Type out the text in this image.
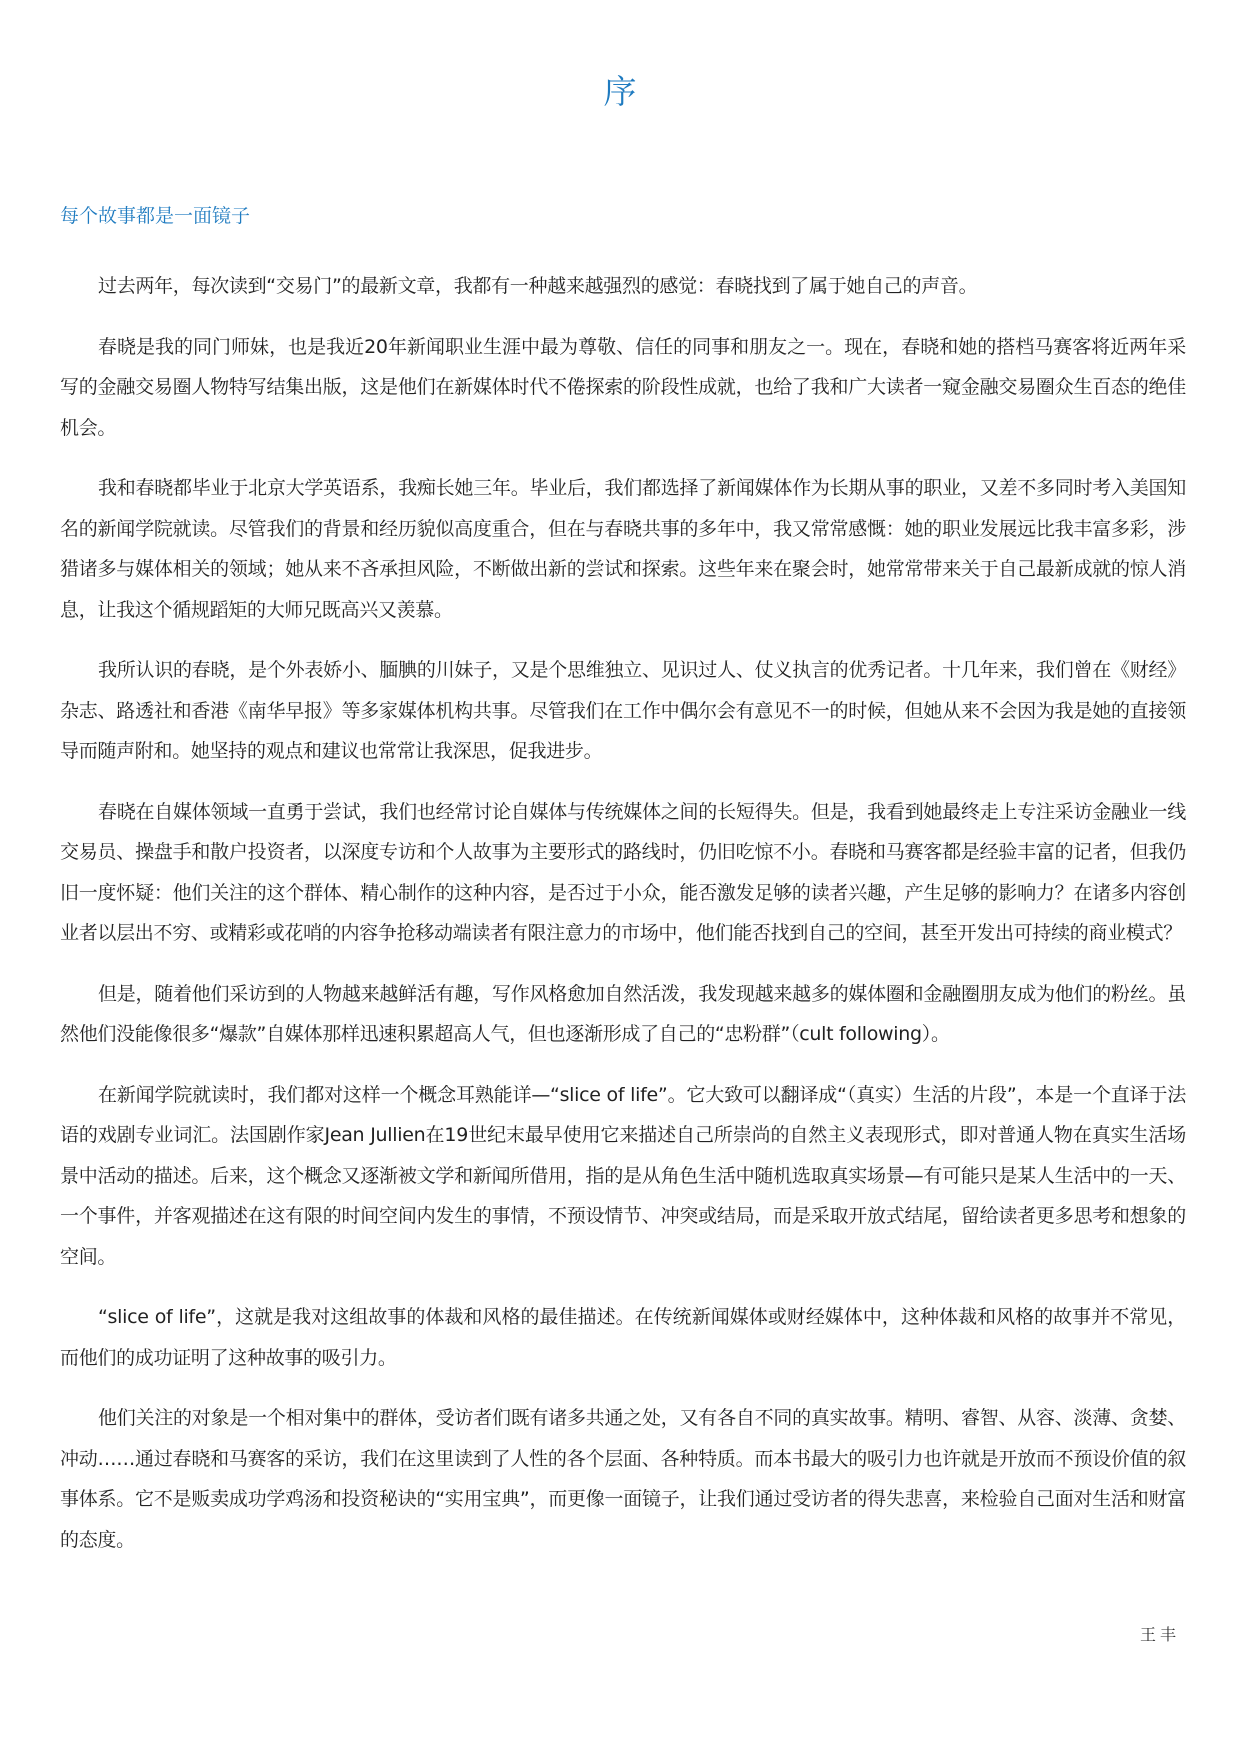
序
每个故事都是一面镜子

过去两年，每次读到“交易门”的最新文章，我都有一种越来越强烈的感觉：春晓找到了属于她自己的声音。

春晓是我的同门师妹，也是我近20年新闻职业生涯中最为尊敬、信任的同事和朋友之一。现在，春晓和她的搭档马赛客将近两年采写的金融交易圈人物特写结集出版，这是他们在新媒体时代不倦探索的阶段性成就，也给了我和广大读者一窥金融交易圈众生百态的绝佳机会。

我和春晓都毕业于北京大学英语系，我痴长她三年。毕业后，我们都选择了新闻媒体作为长期从事的职业，又差不多同时考入美国知名的新闻学院就读。尽管我们的背景和经历貌似高度重合，但在与春晓共事的多年中，我又常常感慨：她的职业发展远比我丰富多彩，涉猎诸多与媒体相关的领域；她从来不吝承担风险，不断做出新的尝试和探索。这些年来在聚会时，她常常带来关于自己最新成就的惊人消息，让我这个循规蹈矩的大师兄既高兴又羡慕。

我所认识的春晓，是个外表娇小、腼腆的川妹子，又是个思维独立、见识过人、仗义执言的优秀记者。十几年来，我们曾在《财经》杂志、路透社和香港《南华早报》等多家媒体机构共事。尽管我们在工作中偶尔会有意见不一的时候，但她从来不会因为我是她的直接领导而随声附和。她坚持的观点和建议也常常让我深思，促我进步。

春晓在自媒体领域一直勇于尝试，我们也经常讨论自媒体与传统媒体之间的长短得失。但是，我看到她最终走上专注采访金融业一线交易员、操盘手和散户投资者，以深度专访和个人故事为主要形式的路线时，仍旧吃惊不小。春晓和马赛客都是经验丰富的记者，但我仍旧一度怀疑：他们关注的这个群体、精心制作的这种内容，是否过于小众，能否激发足够的读者兴趣，产生足够的影响力？在诸多内容创业者以层出不穷、或精彩或花哨的内容争抢移动端读者有限注意力的市场中，他们能否找到自己的空间，甚至开发出可持续的商业模式？

但是，随着他们采访到的人物越来越鲜活有趣，写作风格愈加自然活泼，我发现越来越多的媒体圈和金融圈朋友成为他们的粉丝。虽然他们没能像很多“爆款”自媒体那样迅速积累超高人气，但也逐渐形成了自己的“忠粉群”（cult following）。

在新闻学院就读时，我们都对这样一个概念耳熟能详—“slice of life”。它大致可以翻译成“（真实）生活的片段”，本是一个直译于法语的戏剧专业词汇。法国剧作家Jean Jullien在19世纪末最早使用它来描述自己所崇尚的自然主义表现形式，即对普通人物在真实生活场景中活动的描述。后来，这个概念又逐渐被文学和新闻所借用，指的是从角色生活中随机选取真实场景—有可能只是某人生活中的一天、一个事件，并客观描述在这有限的时间空间内发生的事情，不预设情节、冲突或结局，而是采取开放式结尾，留给读者更多思考和想象的空间。

“slice of life”，这就是我对这组故事的体裁和风格的最佳描述。在传统新闻媒体或财经媒体中，这种体裁和风格的故事并不常见，而他们的成功证明了这种故事的吸引力。

他们关注的对象是一个相对集中的群体，受访者们既有诸多共通之处，又有各自不同的真实故事。精明、睿智、从容、淡薄、贪婪、冲动……通过春晓和马赛客的采访，我们在这里读到了人性的各个层面、各种特质。而本书最大的吸引力也许就是开放而不预设价值的叙事体系。它不是贩卖成功学鸡汤和投资秘诀的“实用宝典”，而更像一面镜子，让我们通过受访者的得失悲喜，来检验自己面对生活和财富的态度。

王丰
